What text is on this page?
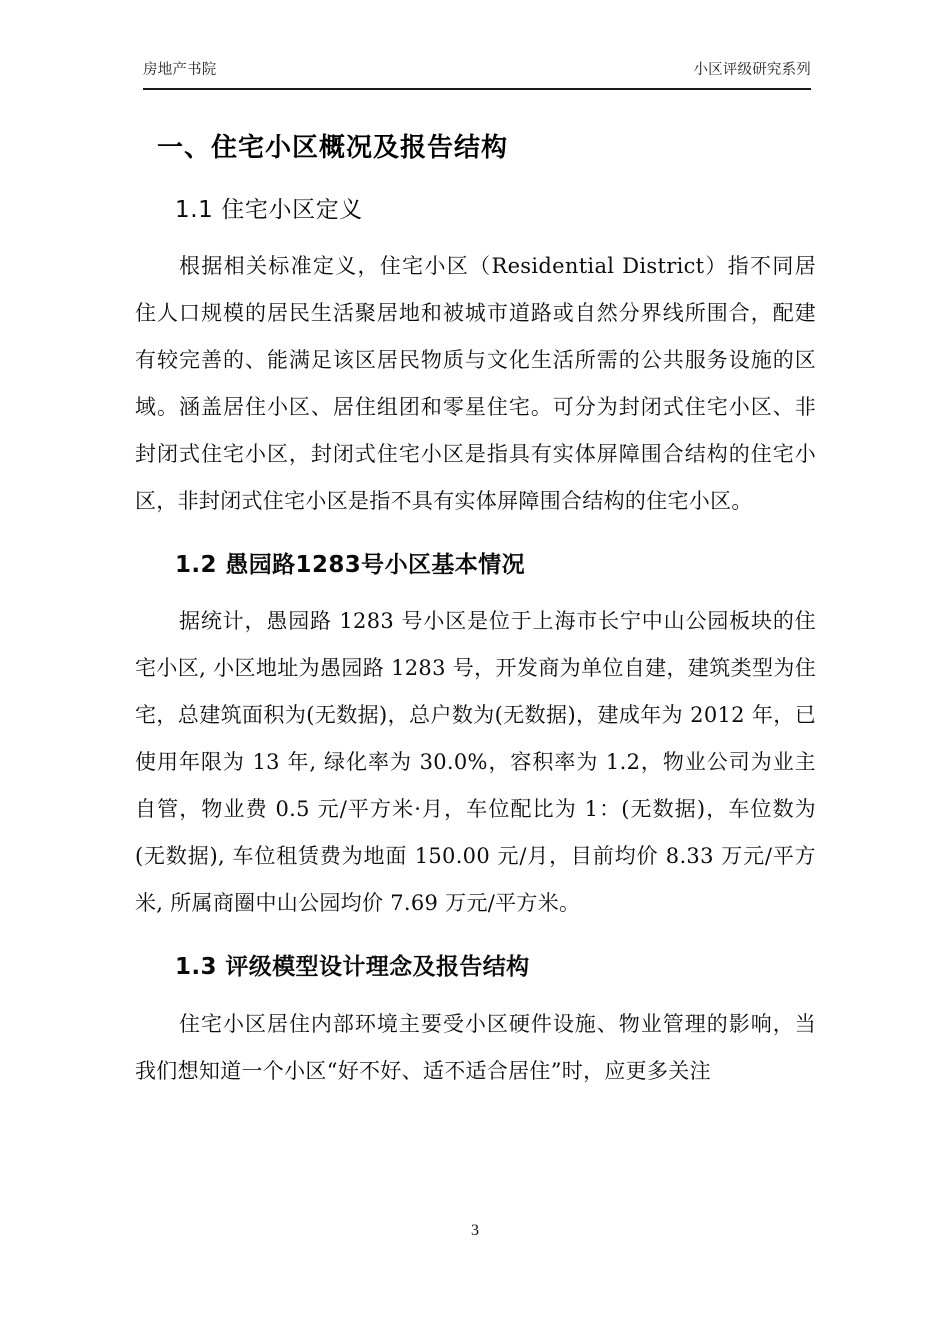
房地产书院	小区评级研究系列
一、住宅小区概况及报告结构
1.1 住宅小区定义

根据相关标准定义，住宅小区（Residential District）指不同居住人口规模的居民生活聚居地和被城市道路或自然分界线所围合，配建有较完善的、能满足该区居民物质与文化生活所需的公共服务设施的区域。涵盖居住小区、居住组团和零星住宅。可分为封闭式住宅小区、非封闭式住宅小区，封闭式住宅小区是指具有实体屏障围合结构的住宅小区，非封闭式住宅小区是指不具有实体屏障围合结构的住宅小区。

1.2 愚园路1283号小区基本情况

据统计，愚园路 1283 号小区是位于上海市长宁中山公园板块的住宅小区, 小区地址为愚园路 1283 号，开发商为单位自建，建筑类型为住宅，总建筑面积为(无数据)，总户数为(无数据)，建成年为 2012 年，已使用年限为 13 年, 绿化率为 30.0%，容积率为 1.2，物业公司为业主自管，物业费 0.5 元/平方米·月，车位配比为 1：(无数据)，车位数为(无数据), 车位租赁费为地面 150.00 元/月，目前均价 8.33 万元/平方米, 所属商圈中山公园均价 7.69 万元/平方米。

1.3 评级模型设计理念及报告结构

住宅小区居住内部环境主要受小区硬件设施、物业管理的影响，当我们想知道一个小区“好不好、适不适合居住”时，应更多关注

3
